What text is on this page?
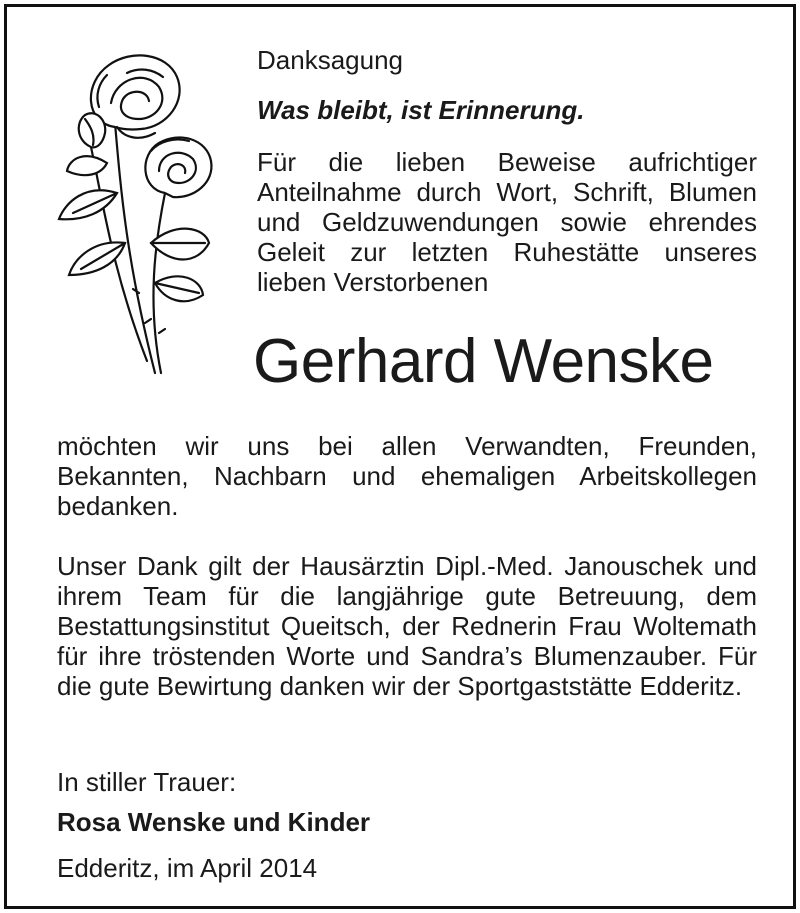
Danksagung
Was bleibt, ist Erinnerung.
Für die lieben Beweise aufrichtiger Anteilnahme durch Wort, Schrift, Blumen und Geldzuwendungen sowie ehrendes Geleit zur letzten Ruhestätte unseres lieben Verstorbenen
Gerhard Wenske
möchten wir uns bei allen Verwandten, Freunden, Bekannten, Nachbarn und ehemaligen Arbeitskollegen bedanken.
Unser Dank gilt der Hausärztin Dipl.-Med. Janouschek und ihrem Team für die langjährige gute Betreuung, dem Bestattungsinstitut Queitsch, der Rednerin Frau Woltemath für ihre tröstenden Worte und Sandra’s Blumenzauber. Für die gute Bewirtung danken wir der Sportgaststätte Edderitz.
In stiller Trauer:
Rosa Wenske und Kinder
Edderitz, im April 2014
